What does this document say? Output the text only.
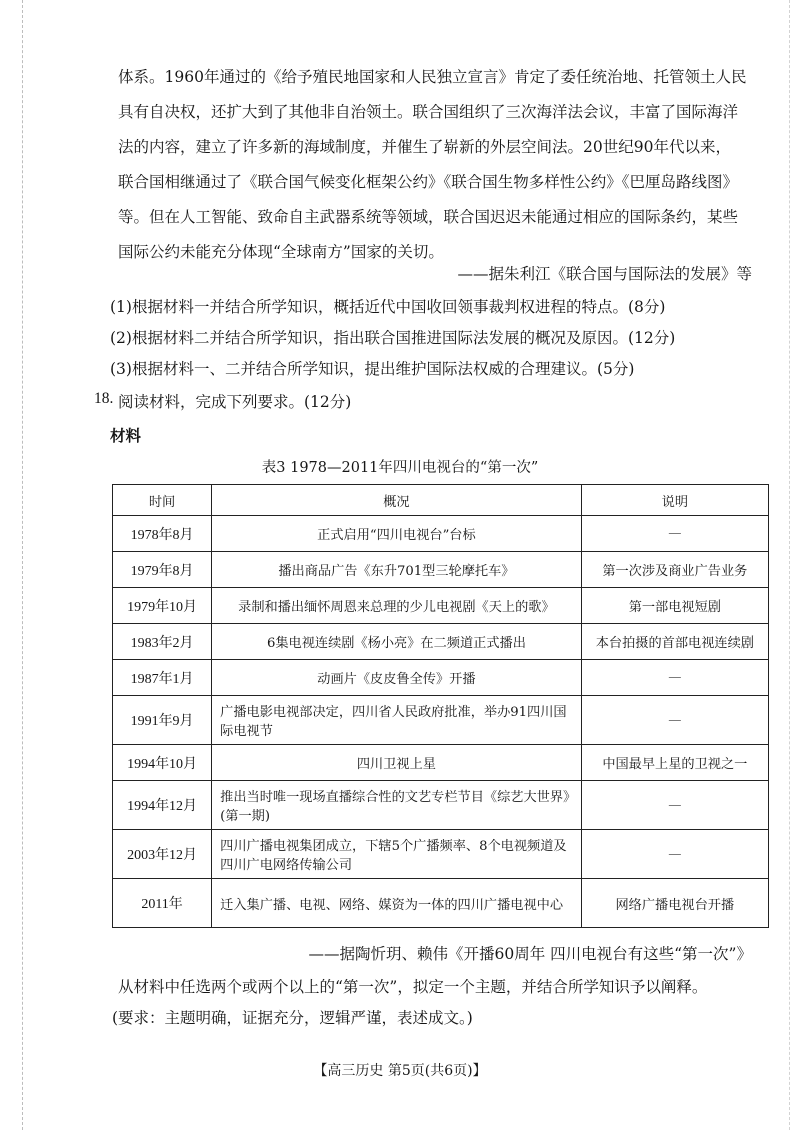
体系。1960年通过的《给予殖民地国家和人民独立宣言》肯定了委任统治地、托管领土人民
具有自决权，还扩大到了其他非自治领土。联合国组织了三次海洋法会议，丰富了国际海洋
法的内容，建立了许多新的海域制度，并催生了崭新的外层空间法。20世纪90年代以来，
联合国相继通过了《联合国气候变化框架公约》《联合国生物多样性公约》《巴厘岛路线图》
等。但在人工智能、致命自主武器系统等领域，联合国迟迟未能通过相应的国际条约，某些
国际公约未能充分体现“全球南方”国家的关切。
——据朱利江《联合国与国际法的发展》等
(1)根据材料一并结合所学知识，概括近代中国收回领事裁判权进程的特点。(8分)
(2)根据材料二并结合所学知识，指出联合国推进国际法发展的概况及原因。(12分)
(3)根据材料一、二并结合所学知识，提出维护国际法权威的合理建议。(5分)
18. 阅读材料，完成下列要求。(12分)
材料
表3 1978—2011年四川电视台的“第一次”
时间	概况	说明
1978年8月	正式启用“四川电视台”台标	—
1979年8月	播出商品广告《东升701型三轮摩托车》	第一次涉及商业广告业务
1979年10月	录制和播出缅怀周恩来总理的少儿电视剧《天上的歌》	第一部电视短剧
1983年2月	6集电视连续剧《杨小亮》在二频道正式播出	本台拍摄的首部电视连续剧
1987年1月	动画片《皮皮鲁全传》开播	—
1991年9月	广播电影电视部决定，四川省人民政府批准，举办91四川国际电视节	—
1994年10月	四川卫视上星	中国最早上星的卫视之一
1994年12月	推出当时唯一现场直播综合性的文艺专栏节目《综艺大世界》(第一期)	—
2003年12月	四川广播电视集团成立，下辖5个广播频率、8个电视频道及四川广电网络传输公司	—
2011年	迁入集广播、电视、网络、媒资为一体的四川广播电视中心	网络广播电视台开播
——据陶忻玥、赖伟《开播60周年 四川电视台有这些“第一次”》
从材料中任选两个或两个以上的“第一次”，拟定一个主题，并结合所学知识予以阐释。
(要求：主题明确，证据充分，逻辑严谨，表述成文。)
【高三历史 第5页(共6页)】
